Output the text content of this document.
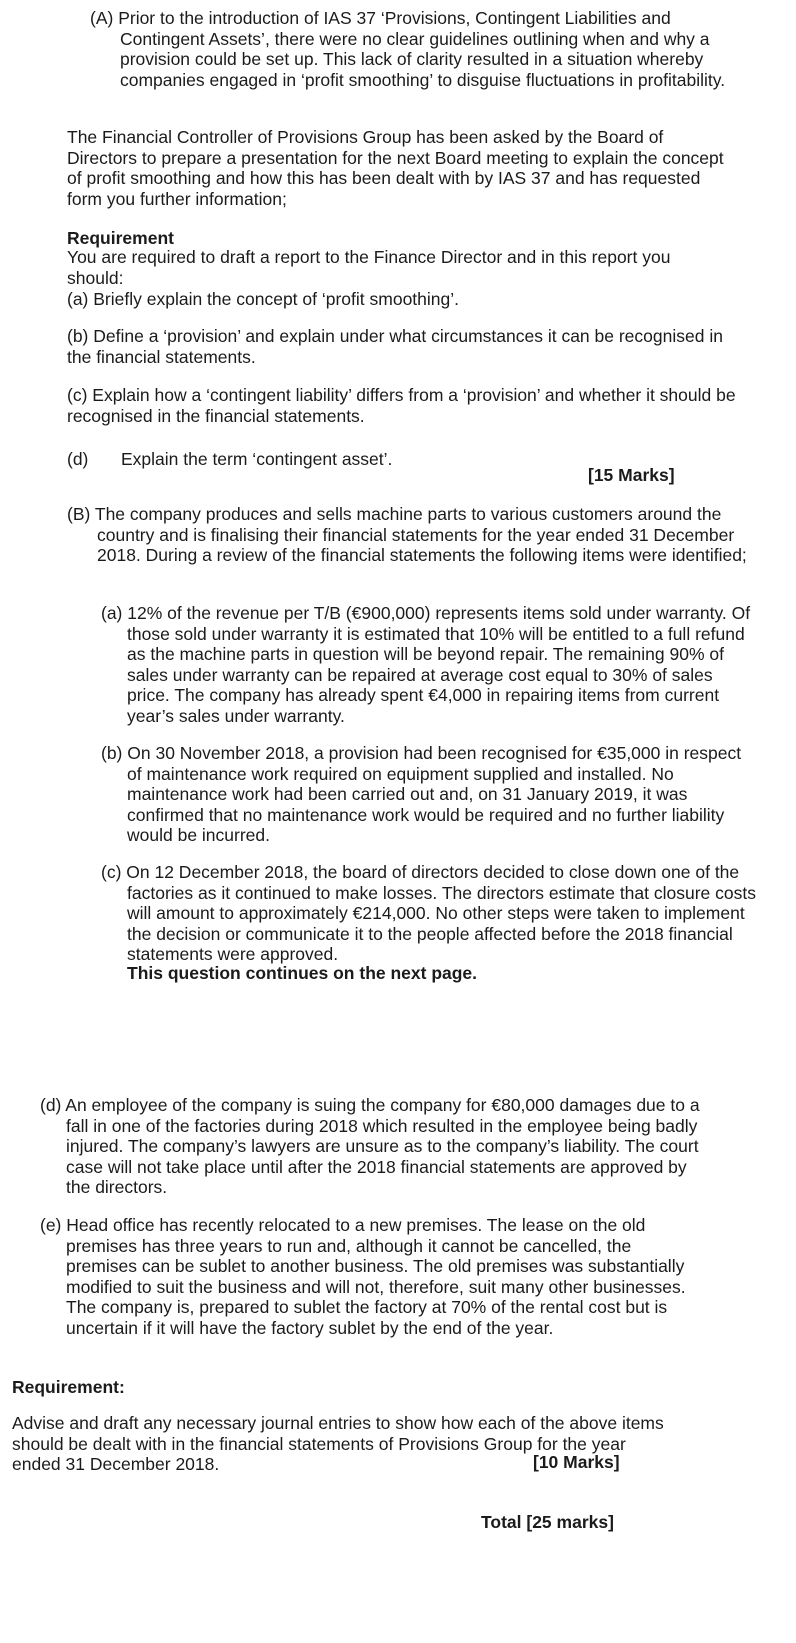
(A) Prior to the introduction of IAS 37 ‘Provisions, Contingent Liabilities and Contingent Assets’, there were no clear guidelines outlining when and why a provision could be set up. This lack of clarity resulted in a situation whereby companies engaged in ‘profit smoothing’ to disguise fluctuations in profitability.

The Financial Controller of Provisions Group has been asked by the Board of Directors to prepare a presentation for the next Board meeting to explain the concept of profit smoothing and how this has been dealt with by IAS 37 and has requested form you further information;

Requirement

You are required to draft a report to the Finance Director and in this report you should:

(a) Briefly explain the concept of ‘profit smoothing’.

(b) Define a ‘provision’ and explain under what circumstances it can be recognised in the financial statements.

(c) Explain how a ‘contingent liability’ differs from a ‘provision’ and whether it should be recognised in the financial statements.

(d) Explain the term ‘contingent asset’.
[15 Marks]

(B) The company produces and sells machine parts to various customers around the country and is finalising their financial statements for the year ended 31 December 2018. During a review of the financial statements the following items were identified;

(a) 12% of the revenue per T/B (€900,000) represents items sold under warranty. Of those sold under warranty it is estimated that 10% will be entitled to a full refund as the machine parts in question will be beyond repair. The remaining 90% of sales under warranty can be repaired at average cost equal to 30% of sales price. The company has already spent €4,000 in repairing items from current year’s sales under warranty.

(b) On 30 November 2018, a provision had been recognised for €35,000 in respect of maintenance work required on equipment supplied and installed. No maintenance work had been carried out and, on 31 January 2019, it was confirmed that no maintenance work would be required and no further liability would be incurred.

(c) On 12 December 2018, the board of directors decided to close down one of the factories as it continued to make losses. The directors estimate that closure costs will amount to approximately €214,000. No other steps were taken to implement the decision or communicate it to the people affected before the 2018 financial statements were approved.

This question continues on the next page.

(d) An employee of the company is suing the company for €80,000 damages due to a fall in one of the factories during 2018 which resulted in the employee being badly injured. The company’s lawyers are unsure as to the company’s liability. The court case will not take place until after the 2018 financial statements are approved by the directors.

(e) Head office has recently relocated to a new premises. The lease on the old premises has three years to run and, although it cannot be cancelled, the premises can be sublet to another business. The old premises was substantially modified to suit the business and will not, therefore, suit many other businesses. The company is, prepared to sublet the factory at 70% of the rental cost but is uncertain if it will have the factory sublet by the end of the year.

Requirement:

Advise and draft any necessary journal entries to show how each of the above items should be dealt with in the financial statements of Provisions Group for the year ended 31 December 2018.	[10 Marks]
Total [25 marks]
